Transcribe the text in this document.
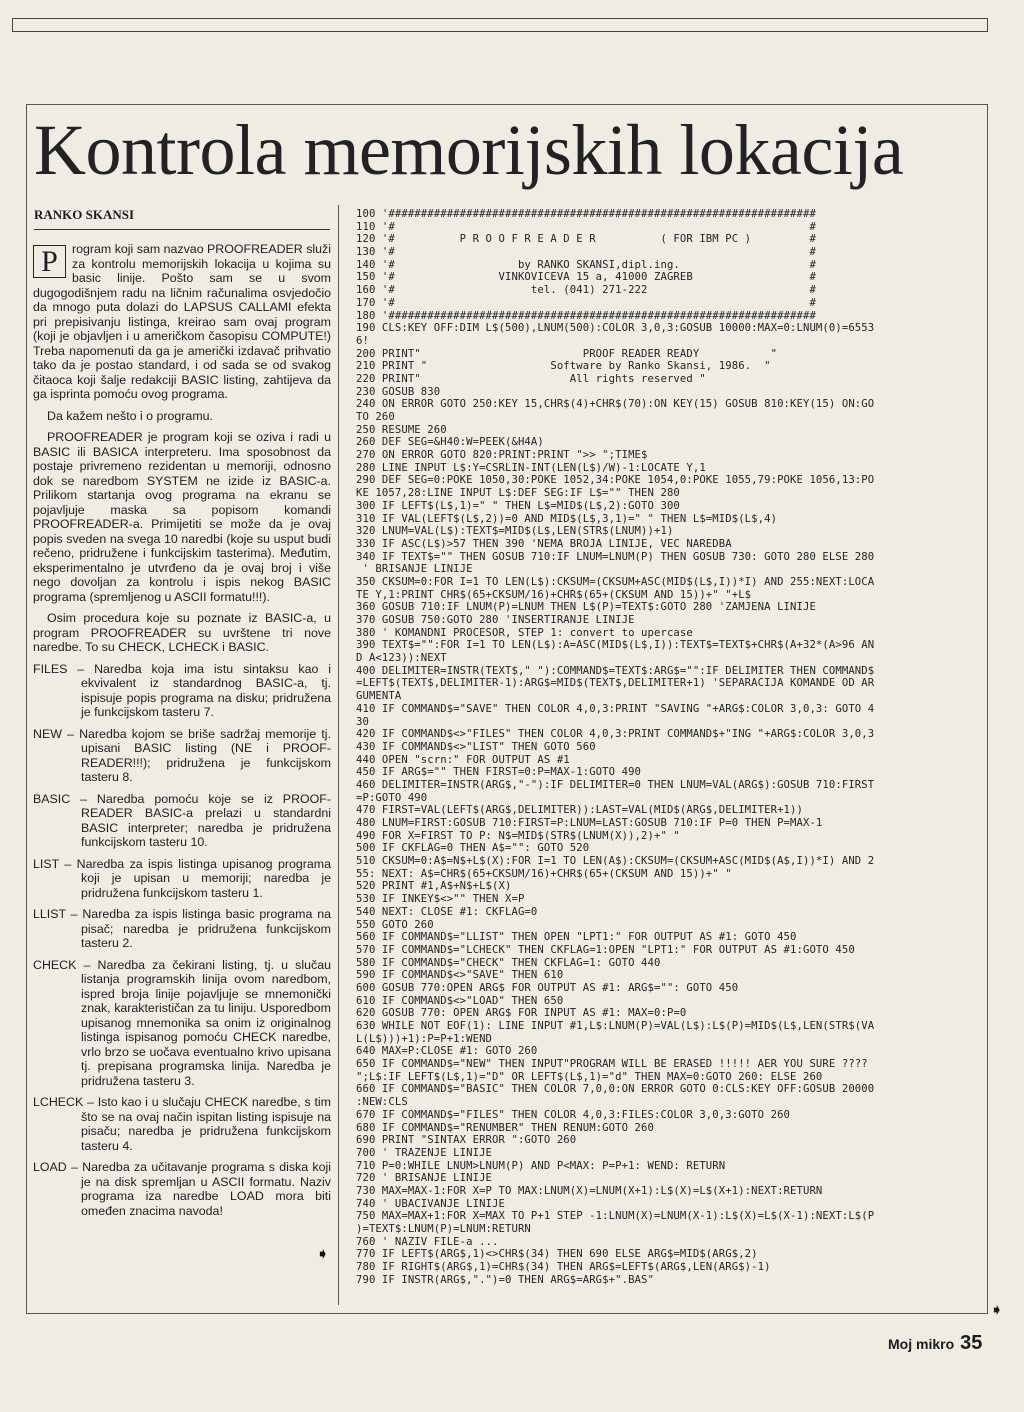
Kontrola memorijskih lokacija
RANKO SKANSI

P	rogram koji sam nazvao PROOFREADER služi za kontrolu memorijskih lokacija u kojima su basic linije. Pošto sam se u svom dugogodišnjem radu na ličnim računalima osvjedočio da mnogo puta dolazi do LAPSUS CALLAMI efekta pri prepisivanju listinga, kreirao sam ovaj program (koji je objavljen i u američkom časopisu COMPUTE!) Treba napomenuti da ga je američki izdavač prihvatio tako da je postao standard, i od sada se od svakog čitaoca koji šalje redakciji BASIC listing, zahtijeva da ga isprinta pomoću ovog programa.

Da kažem nešto i o programu.

PROOFREADER je program koji se oziva i radi u BASIC ili BASICA interpreteru. Ima sposobnost da postaje privremeno rezidentan u memoriji, odnosno dok se naredbom SYSTEM ne izide iz BASIC-a. Prilikom startanja ovog programa na ekranu se pojavljuje maska sa popisom komandi PROOFREADER-a. Primijetiti se može da je ovaj popis sveden na svega 10 naredbi (koje su usput budi rečeno, pridružene i funkcijskim tasterima). Međutim, eksperimentalno je utvrđeno da je ovaj broj i više nego dovoljan za kontrolu i ispis nekog BASIC programa (spremljenog u ASCII formatu!!!).

Osim procedura koje su poznate iz BASIC-a, u program PROOFREADER su uvrštene tri nove naredbe. To su CHECK, LCHECK i BASIC.

FILES – Naredba koja ima istu sintaksu kao i ekvivalent iz standardnog BASIC-a, tj. ispisuje popis programa na disku; pridružena je funkcijskom tasteru 7.

NEW – Naredba kojom se briše sadržaj memorije tj. upisani BASIC listing (NE i PROOFREADER!!!); pridružena je funkcijskom tasteru 8.

BASIC – Naredba pomoću koje se iz PROOFREADER BASIC-a prelazi u standardni BASIC interpreter; naredba je pridružena funkcijskom tasteru 10.

LIST – Naredba za ispis listinga upisanog programa koji je upisan u memoriji; naredba je pridružena funkcijskom tasteru 1.

LLIST – Naredba za ispis listinga basic programa na pisač; naredba je pridružena funkcijskom tasteru 2.

CHECK – Naredba za čekirani listing, tj. u slučau listanja programskih linija ovom naredbom, ispred broja linije pojavljuje se mnemonički znak, karakterističan za tu liniju. Usporedbom upisanog mnemonika sa onim iz originalnog listinga ispisanog pomoću CHECK naredbe, vrlo brzo se uočava eventualno krivo upisana tj. prepisana programska linija. Naredba je pridružena tasteru 3.

LCHECK – Isto kao i u slučaju CHECK naredbe, s tim što se na ovaj način ispitan listing ispisuje na pisaču; naredba je pridružena funkcijskom tasteru 4.

LOAD – Naredba za učitavanje programa s diska koji je na disk spremljan u ASCII formatu. Naziv programa iza naredbe LOAD mora biti omeđen znacima navoda!

➧
100 '##################################################################
110 '#                                                                #
120 '#          P R O O F R E A D E R          ( FOR IBM PC )         #
130 '#                                                                #
140 '#                   by RANKO SKANSI,dipl.ing.                    #
150 '#                VINKOVICEVA 15 a, 41000 ZAGREB                  #
160 '#                     tel. (041) 271-222                         #
170 '#                                                                #
180 '##################################################################
190 CLS:KEY OFF:DIM L$(500),LNUM(500):COLOR 3,0,3:GOSUB 10000:MAX=0:LNUM(0)=6553
6!
200 PRINT"                         PROOF READER READY           "
210 PRINT "                   Software by Ranko Skansi, 1986.  "
220 PRINT"                       All rights reserved "
230 GOSUB 830
240 ON ERROR GOTO 250:KEY 15,CHR$(4)+CHR$(70):ON KEY(15) GOSUB 810:KEY(15) ON:GO
TO 260
250 RESUME 260
260 DEF SEG=&H40:W=PEEK(&H4A)
270 ON ERROR GOTO 820:PRINT:PRINT ">> ";TIME$
280 LINE INPUT L$:Y=CSRLIN-INT(LEN(L$)/W)-1:LOCATE Y,1
290 DEF SEG=0:POKE 1050,30:POKE 1052,34:POKE 1054,0:POKE 1055,79:POKE 1056,13:PO
KE 1057,28:LINE INPUT L$:DEF SEG:IF L$="" THEN 280
300 IF LEFT$(L$,1)=" " THEN L$=MID$(L$,2):GOTO 300
310 IF VAL(LEFT$(L$,2))=0 AND MID$(L$,3,1)=" " THEN L$=MID$(L$,4)
320 LNUM=VAL(L$):TEXT$=MID$(L$,LEN(STR$(LNUM))+1)
330 IF ASC(L$)>57 THEN 390 'NEMA BROJA LINIJE, VEC NAREDBA
340 IF TEXT$="" THEN GOSUB 710:IF LNUM=LNUM(P) THEN GOSUB 730: GOTO 280 ELSE 280
' BRISANJE LINIJE
350 CKSUM=0:FOR I=1 TO LEN(L$):CKSUM=(CKSUM+ASC(MID$(L$,I))*I) AND 255:NEXT:LOCA
TE Y,1:PRINT CHR$(65+CKSUM/16)+CHR$(65+(CKSUM AND 15))+" "+L$
360 GOSUB 710:IF LNUM(P)=LNUM THEN L$(P)=TEXT$:GOTO 280 'ZAMJENA LINIJE
370 GOSUB 750:GOTO 280 'INSERTIRANJE LINIJE
380 ' KOMANDNI PROCESOR, STEP 1: convert to upercase
390 TEXT$="":FOR I=1 TO LEN(L$):A=ASC(MID$(L$,I)):TEXT$=TEXT$+CHR$(A+32*(A>96 AN
D A<123)):NEXT
400 DELIMITER=INSTR(TEXT$," "):COMMAND$=TEXT$:ARG$="":IF DELIMITER THEN COMMAND$
=LEFT$(TEXT$,DELIMITER-1):ARG$=MID$(TEXT$,DELIMITER+1) 'SEPARACIJA KOMANDE OD AR
GUMENTA
410 IF COMMAND$="SAVE" THEN COLOR 4,0,3:PRINT "SAVING "+ARG$:COLOR 3,0,3: GOTO 4
30
420 IF COMMAND$<>"FILES" THEN COLOR 4,0,3:PRINT COMMAND$+"ING "+ARG$:COLOR 3,0,3
430 IF COMMAND$<>"LIST" THEN GOTO 560
440 OPEN "scrn:" FOR OUTPUT AS #1
450 IF ARG$="" THEN FIRST=0:P=MAX-1:GOTO 490
460 DELIMITER=INSTR(ARG$,"-"):IF DELIMITER=0 THEN LNUM=VAL(ARG$):GOSUB 710:FIRST
=P:GOTO 490
470 FIRST=VAL(LEFT$(ARG$,DELIMITER)):LAST=VAL(MID$(ARG$,DELIMITER+1))
480 LNUM=FIRST:GOSUB 710:FIRST=P:LNUM=LAST:GOSUB 710:IF P=0 THEN P=MAX-1
490 FOR X=FIRST TO P: N$=MID$(STR$(LNUM(X)),2)+" "
500 IF CKFLAG=0 THEN A$="": GOTO 520
510 CKSUM=0:A$=N$+L$(X):FOR I=1 TO LEN(A$):CKSUM=(CKSUM+ASC(MID$(A$,I))*I) AND 2
55: NEXT: A$=CHR$(65+CKSUM/16)+CHR$(65+(CKSUM AND 15))+" "
520 PRINT #1,A$+N$+L$(X)
530 IF INKEY$<>"" THEN X=P
540 NEXT: CLOSE #1: CKFLAG=0
550 GOTO 260
560 IF COMMAND$="LLIST" THEN OPEN "LPT1:" FOR OUTPUT AS #1: GOTO 450
570 IF COMMAND$="LCHECK" THEN CKFLAG=1:OPEN "LPT1:" FOR OUTPUT AS #1:GOTO 450
580 IF COMMAND$="CHECK" THEN CKFLAG=1: GOTO 440
590 IF COMMAND$<>"SAVE" THEN 610
600 GOSUB 770:OPEN ARG$ FOR OUTPUT AS #1: ARG$="": GOTO 450
610 IF COMMAND$<>"LOAD" THEN 650
620 GOSUB 770: OPEN ARG$ FOR INPUT AS #1: MAX=0:P=0
630 WHILE NOT EOF(1): LINE INPUT #1,L$:LNUM(P)=VAL(L$):L$(P)=MID$(L$,LEN(STR$(VA
L(L$)))+1):P=P+1:WEND
640 MAX=P:CLOSE #1: GOTO 260
650 IF COMMAND$="NEW" THEN INPUT"PROGRAM WILL BE ERASED !!!!! AER YOU SURE ????
";L$:IF LEFT$(L$,1)="D" OR LEFT$(L$,1)="d" THEN MAX=0:GOTO 260: ELSE 260
660 IF COMMAND$="BASIC" THEN COLOR 7,0,0:ON ERROR GOTO 0:CLS:KEY OFF:GOSUB 20000
:NEW:CLS
670 IF COMMAND$="FILES" THEN COLOR 4,0,3:FILES:COLOR 3,0,3:GOTO 260
680 IF COMMAND$="RENUMBER" THEN RENUM:GOTO 260
690 PRINT "SINTAX ERROR ":GOTO 260
700 ' TRAZENJE LINIJE
710 P=0:WHILE LNUM>LNUM(P) AND P<MAX: P=P+1: WEND: RETURN
720 ' BRISANJE LINIJE
730 MAX=MAX-1:FOR X=P TO MAX:LNUM(X)=LNUM(X+1):L$(X)=L$(X+1):NEXT:RETURN
740 ' UBACIVANJE LINIJE
750 MAX=MAX+1:FOR X=MAX TO P+1 STEP -1:LNUM(X)=LNUM(X-1):L$(X)=L$(X-1):NEXT:L$(P
)=TEXT$:LNUM(P)=LNUM:RETURN
760 ' NAZIV FILE-a ...
770 IF LEFT$(ARG$,1)<>CHR$(34) THEN 690 ELSE ARG$=MID$(ARG$,2)
780 IF RIGHT$(ARG$,1)=CHR$(34) THEN ARG$=LEFT$(ARG$,LEN(ARG$)-1)
790 IF INSTR(ARG$,".")=0 THEN ARG$=ARG$+".BAS"
➧
Moj mikro 35
